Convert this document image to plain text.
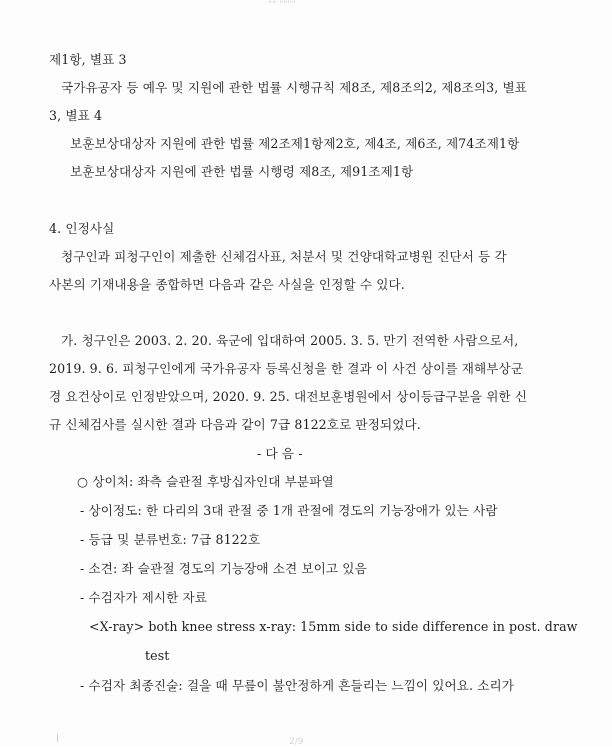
"" """"
제1항, 별표 3
국가유공자 등 예우 및 지원에 관한 법률 시행규칙 제8조, 제8조의2, 제8조의3, 별표
3, 별표 4
보훈보상대상자 지원에 관한 법률 제2조제1항제2호, 제4조, 제6조, 제74조제1항
보훈보상대상자 지원에 관한 법률 시행령 제8조, 제91조제1항
4. 인정사실
청구인과 피청구인이 제출한 신체검사표, 처분서 및 건양대학교병원 진단서 등 각
사본의 기재내용을 종합하면 다음과 같은 사실을 인정할 수 있다.
가. 청구인은 2003. 2. 20. 육군에 입대하여 2005. 3. 5. 만기 전역한 사람으로서,
2019. 9. 6. 피청구인에게 국가유공자 등록신청을 한 결과 이 사건 상이를 재해부상군
경 요건상이로 인정받았으며, 2020. 9. 25. 대전보훈병원에서 상이등급구분을 위한 신
규 신체검사를 실시한 결과 다음과 같이 7급 8122호로 판정되었다.
- 다 음 -
○ 상이처: 좌측 슬관절 후방십자인대 부분파열
- 상이정도: 한 다리의 3대 관절 중 1개 관절에 경도의 기능장애가 있는 사람
- 등급 및 분류번호: 7급 8122호
- 소견: 좌 슬관절 경도의 기능장애 소견 보이고 있음
- 수검자가 제시한 자료
<X-ray> both knee stress x-ray: 15mm side to side difference in post. draw
test
- 수검자 최종진술: 걸을 때 무릎이 불안정하게 흔들리는 느낌이 있어요. 소리가
2/9
